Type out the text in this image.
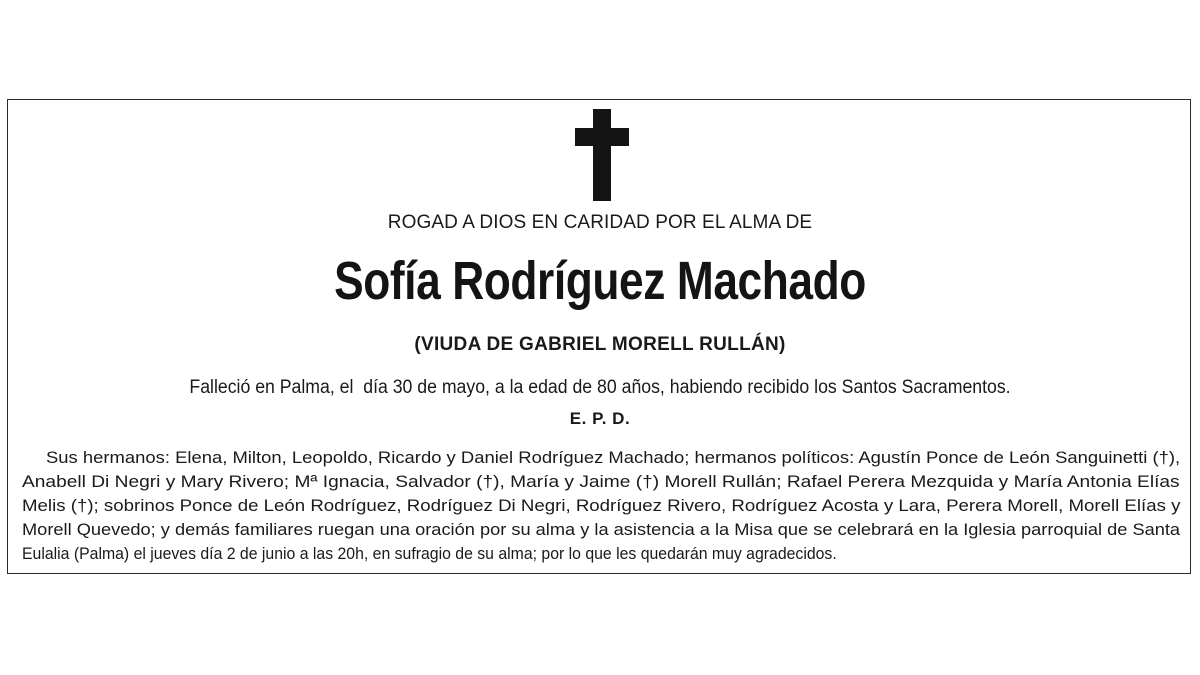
ROGAD A DIOS EN CARIDAD POR EL ALMA DE
Sofía Rodríguez Machado
(VIUDA DE GABRIEL MORELL RULLÁN)
Falleció en Palma, el  día 30 de mayo, a la edad de 80 años, habiendo recibido los Santos Sacramentos.
E. P. D.
Sus hermanos: Elena, Milton, Leopoldo, Ricardo y Daniel Rodríguez Machado; hermanos políticos: Agustín Ponce de León Sanguinetti (†),
Anabell Di Negri y Mary Rivero; Mª Ignacia, Salvador (†), María y Jaime (†) Morell Rullán; Rafael Perera Mezquida y María Antonia Elías
Melis (†); sobrinos Ponce de León Rodríguez, Rodríguez Di Negri, Rodríguez Rivero, Rodríguez Acosta y Lara, Perera Morell, Morell Elías y
Morell Quevedo; y demás familiares ruegan una oración por su alma y la asistencia a la Misa que se celebrará en la Iglesia parroquial de Santa
Eulalia (Palma) el jueves día 2 de junio a las 20h, en sufragio de su alma; por lo que les quedarán muy agradecidos.
